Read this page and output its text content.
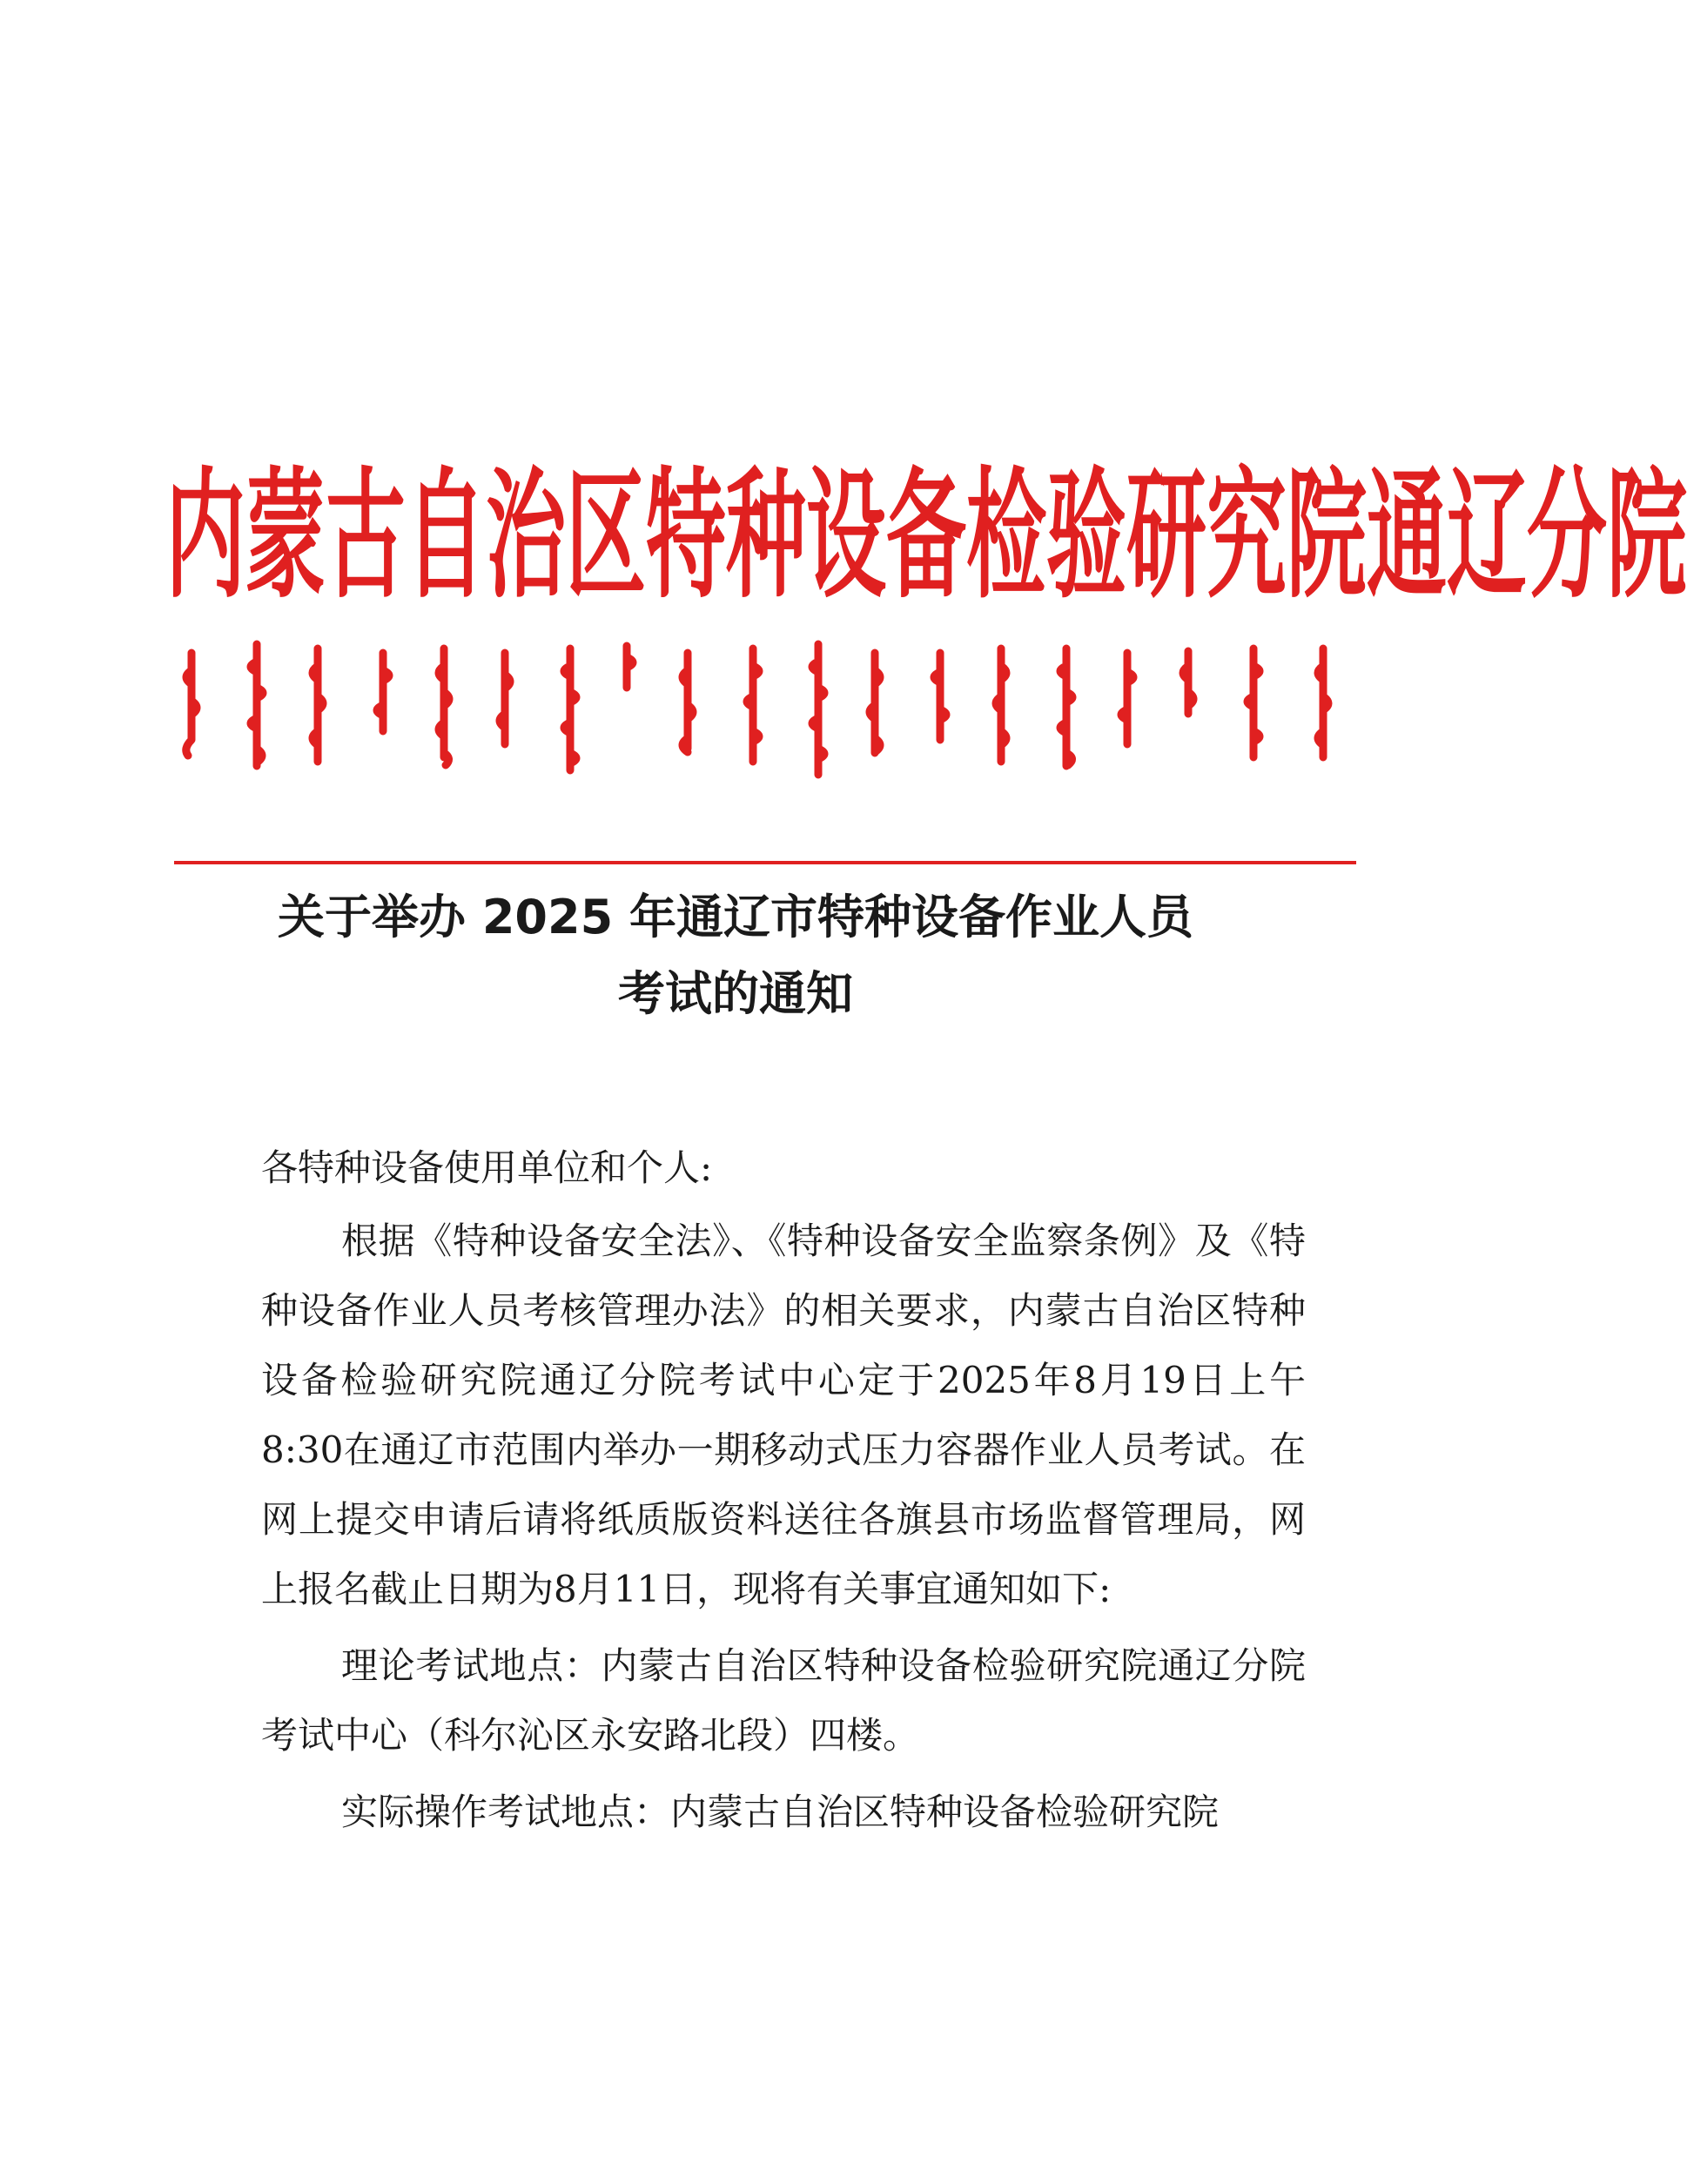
内蒙古自治区特种设备检验研究院通辽分院
关于举办 2025 年通辽市特种设备作业人员
考试的通知

各特种设备使用单位和个人:

根据《特种设备安全法》、《特种设备安全监察条例》及《特种设备作业人员考核管理办法》的相关要求，内蒙古自治区特种设备检验研究院通辽分院考试中心定于2025年8月19日上午8:30在通辽市范围内举办一期移动式压力容器作业人员考试。在网上提交申请后请将纸质版资料送往各旗县市场监督管理局，网上报名截止日期为8月11日，现将有关事宜通知如下:

理论考试地点：内蒙古自治区特种设备检验研究院通辽分院考试中心（科尔沁区永安路北段）四楼。

实际操作考试地点：内蒙古自治区特种设备检验研究院
